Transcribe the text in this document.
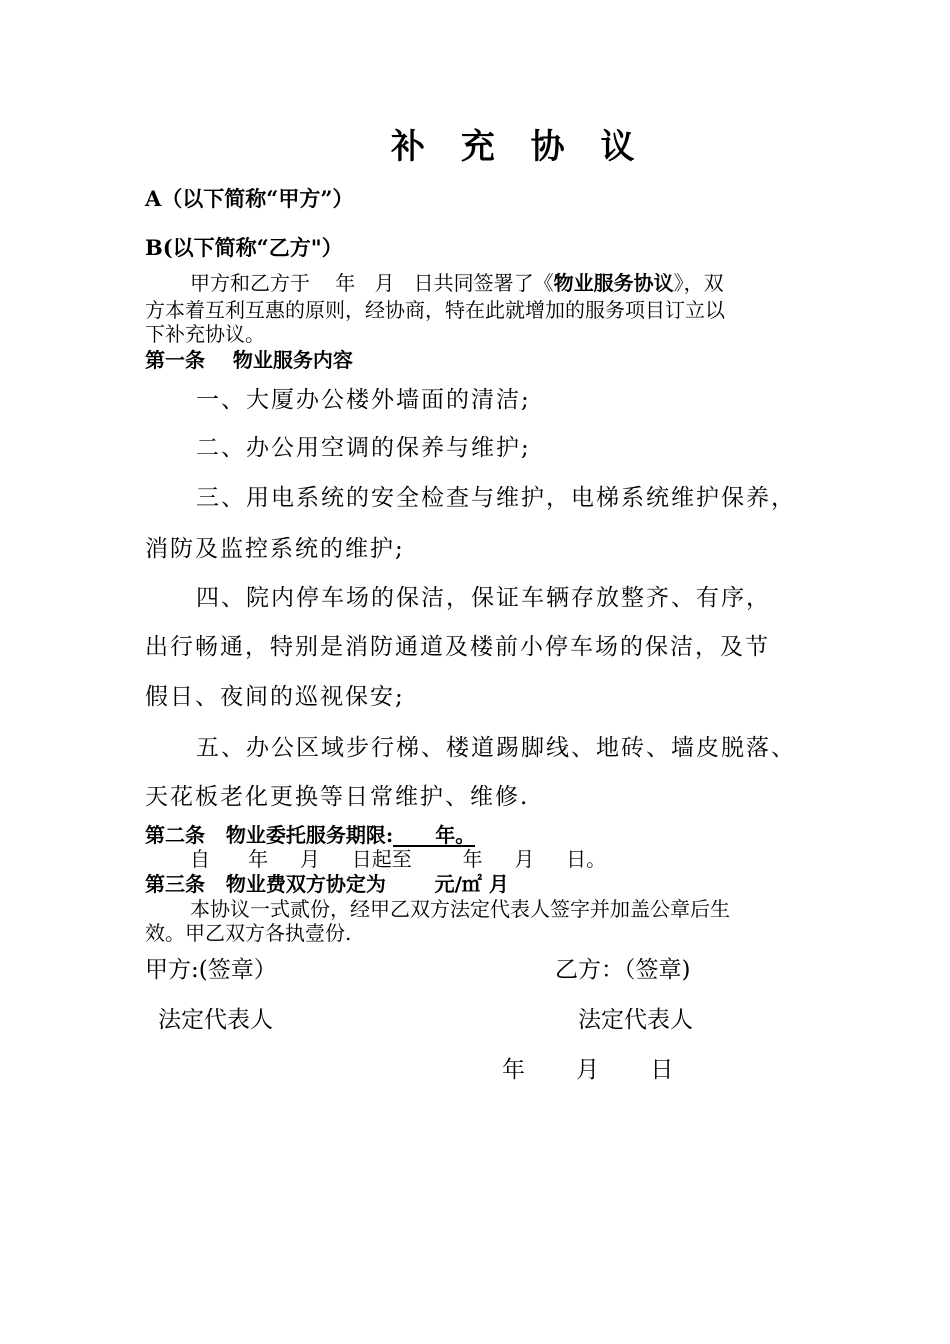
补 充 协 议
A（以下简称“甲方”）
B(以下简称“乙方"）
甲方和乙方于    年   月   日共同签署了《物业服务协议》，双
方本着互利互惠的原则，经协商，特在此就增加的服务项目订立以
下补充协议。
第一条    物业服务内容
一、大厦办公楼外墙面的清洁;
二、办公用空调的保养与维护;
三、用电系统的安全检查与维护，电梯系统维护保养，
消防及监控系统的维护;
四、院内停车场的保洁，保证车辆存放整齐、有序，
出行畅通，特别是消防通道及楼前小停车场的保洁，及节
假日、夜间的巡视保安;
五、办公区域步行梯、楼道踢脚线、地砖、墙皮脱落、
天花板老化更换等日常维护、维修.
第二条   物业委托服务期限: 年。
自      年     月     日起至        年     月     日。
第三条   物业费双方协定为       元/㎡ 月
本协议一式贰份，经甲乙双方法定代表人签字并加盖公章后生
效。甲乙双方各执壹份.
甲方:(签章）	乙方：（签章)
法定代表人	法定代表人
年       月       日
